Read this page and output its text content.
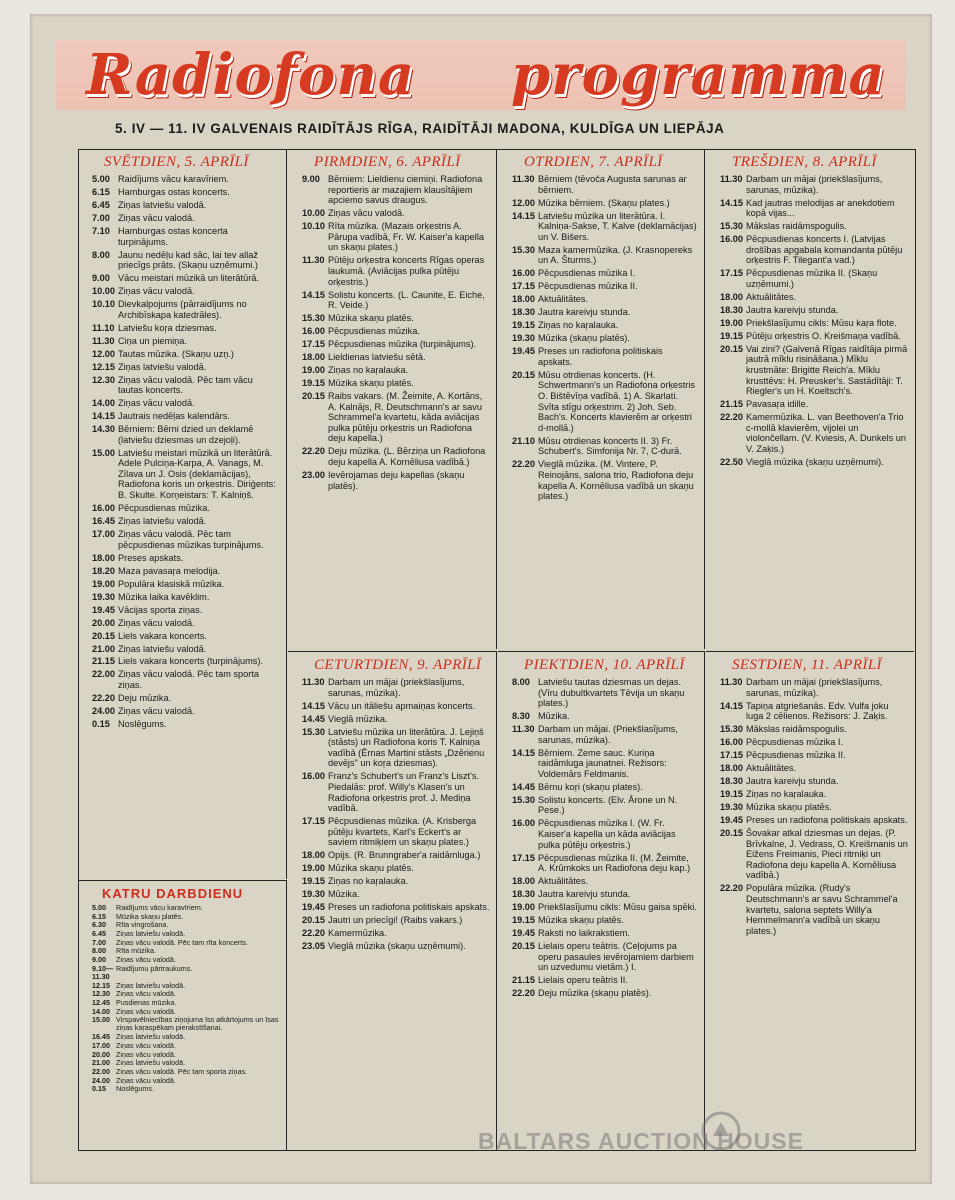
Radiofona programma
5. IV — 11. IV GALVENAIS RAIDĪTĀJS RĪGA, RAIDĪTĀJI MADONA, KULDĪGA UN LIEPĀJA
SVĒTDIEN, 5. APRĪLĪ
5.00 Raidījums vācu karavīriem.
6.15 Hamburgas ostas koncerts.
6.45 Ziņas latviešu valodā.
7.00 Ziņas vācu valodā.
7.10 Hamburgas ostas koncerta turpinājums.
8.00 Jaunu nedēļu kad sāc, lai tev allaž priecīgs prāts. (Skaņu uzņēmumi.)
9.00 Vācu meistari mūzikā un literātūrā.
10.00 Ziņas vācu valodā.
10.10 Dievkalpojums (pārraidījums no Archibīskapa katedrāles).
11.10 Latviešu koŗa dziesmas.
11.30 Ciņa un piemiņa.
12.00 Tautas mūzika. (Skaņu uzņ.)
12.15 Ziņas latviešu valodā.
12.30 Ziņas vācu valodā. Pēc tam vācu tautas koncerts.
14.00 Ziņas vācu valodā.
14.15 Jautrais nedēļas kalendārs.
14.30 Bērniem: Bērni dzied un deklamē (latviešu dziesmas un dzejoļi).
15.00 Latviešu meistari mūzikā un literātūrā. Adele Pulciņa-Karpa, A. Vanags, M. Zīlava un J. Osis (deklamācijas), Radiofona koris un orķestris. Diriģents: B. Skulte. Korņeistars: T. Kalniņš.
16.00 Pēcpusdienas mūzika.
16.45 Ziņas latviešu valodā.
17.00 Ziņas vācu valodā. Pēc tam pēcpusdienas mūzikas turpinājums.
18.00 Preses apskats.
18.20 Maza pavasaŗa melodija.
19.00 Populāra klasiskā mūzika.
19.30 Mūzika laika kavēklim.
19.45 Vācijas sporta ziņas.
20.00 Ziņas vācu valodā.
20.15 Liels vakara koncerts.
21.00 Ziņas latviešu valodā.
21.15 Liels vakara koncerts (turpinājums).
22.00 Ziņas vācu valodā. Pēc tam sporta ziņas.
22.20 Deju mūzika.
24.00 Ziņas vācu valodā.
0.15 Noslēgums.
PIRMDIEN, 6. APRĪLĪ
9.00 Bērniem: Lieldienu ciemiņi. Radiofona reportieris ar mazajiem klausītājiem apciemo savus draugus.
10.00 Ziņas vācu valodā.
10.10 Rīta mūzika. (Mazais orķestris A. Pārupa vadībā, Fr. W. Kaiser'a kapella un skaņu plates.)
11.30 Pūtēju orķestra koncerts Rīgas operas laukumā. (Aviācijas pulka pūtēju orķestris.)
14.15 Solistu koncerts. (L. Caunite, E. Eiche, R. Veide.)
15.30 Mūzika skaņu platēs.
16.00 Pēcpusdienas mūzika.
17.15 Pēcpusdienas mūzika (turpinājums).
18.00 Lieldienas latviešu sētā.
19.00 Ziņas no kaŗalauka.
19.15 Mūzika skaņu platēs.
20.15 Raibs vakars. (M. Žeimite, A. Kortāns, A. Kalnājs, R. Deutschmann's ar savu Schrammel'a kvartetu, kāda aviācijas pulka pūtēju orķestris un Radiofona deju kapella.)
22.20 Deju mūzika. (L. Bērziņa un Radiofona deju kapella A. Kornēliusa vadībā.)
23.00 Ievērojamas deju kapellas (skaņu platēs).
OTRDIEN, 7. APRĪLĪ
11.30 Bērniem (tēvoča Augusta sarunas ar bērniem.
12.00 Mūzika bērniem. (Skaņu plates.)
14.15 Latviešu mūzika un literātūra. I. Kalniņa-Sakse, T. Kalve (deklamācijas) un V. Bišers.
15.30 Maza kamermūzika. (J. Krasnopereks un A. Šturms.)
16.00 Pēcpusdienas mūzika I.
17.15 Pēcpusdienas mūzika II.
18.00 Aktuālitātes.
18.30 Jautra kareivju stunda.
19.15 Ziņas no kaŗalauka.
19.30 Mūzika (skaņu platēs).
19.45 Preses un radiofona politiskais apskats.
20.15 Mūsu otrdienas koncerts. (H. Schwertmann's un Radiofona orķestris O. Bištēvīņa vadībā. 1) A. Skarlati. Svīta stīgu orķestrim. 2) Joh. Seb. Bach's. Koncerts klavierēm ar orķestri d-mollā.)
21.10 Mūsu otrdienas koncerts II. 3) Fr. Schubert's. Simfonija Nr. 7, C-durā.
22.20 Vieglā mūzika. (M. Vintere, P. Reinojāns, salona trio, Radiofona deju kapella A. Kornēliusa vadībā un skaņu plates.)
TREŠDIEN, 8. APRĪLĪ
11.30 Darbam un mājai (priekšlasījums, sarunas, mūzika).
14.15 Kad jautras melodijas ar anekdotiem kopā vijas...
15.30 Mākslas raidāmspogulis.
16.00 Pēcpusdienas koncerts I. (Latvijas drošības apgabala komandanta pūtēju orķestris F. Tilegant'a vad.)
17.15 Pēcpusdienas mūzika II. (Skaņu uzņēmumi.)
18.00 Aktuālitātes.
18.30 Jautra kareivju stunda.
19.00 Priekšlasījumu cikls: Mūsu kaŗa flote.
19.15 Pūtēju orķestris O. Kreišmaņa vadībā.
20.15 Vai zini? (Galvenā Rīgas raidītāja pirmā jautrā mīklu risināšana.) Mīklu krustmāte: Brigitte Reich'a. Mīklu krusttēvs: H. Preusker's. Sastādītāji: T. Riegler's un H. Koeltsch's.
21.15 Pavasaŗa idille.
22.20 Kamermūzika. L. van Beethoven'a Trio c-mollā klavierēm, vijolei un violončellam. (V. Kviesis, A. Dunkels un V. Zaķis.)
22.50 Vieglā mūzika (skaņu uzņēmumi).
CETURTDIEN, 9. APRĪLĪ
11.30 Darbam un mājai (priekšlasījums, sarunas, mūzika).
14.15 Vācu un itāliešu apmaiņas koncerts.
14.45 Vieglā mūzika.
15.30 Latviešu mūzika un literātūra. J. Lejiņš (stāsts) un Radiofona koris T. Kalniņa vadībā (Ērnas Martini stāsts „Dzērienu devējs" un koŗa dziesmas).
16.00 Franz's Schubert's un Franz's Liszt's. Piedalās: prof. Willy's Klasen's un Radiofona orķestris prof. J. Mediņa vadībā.
17.15 Pēcpusdienas mūzika. (A. Krisberga pūtēju kvartets, Karl's Eckert's ar saviem ritmiķiem un skaņu plates.)
18.00 Opijs. (R. Brunngraber'a raidāmluga.)
19.00 Mūzika skaņu platēs.
19.15 Ziņas no kaŗalauka.
19.30 Mūzika.
19.45 Preses un radiofona politiskais apskats.
20.15 Jautri un priecīgi! (Raibs vakars.)
22.20 Kamermūzika.
23.05 Vieglā mūzika (skaņu uzņēmumi).
PIEKTDIEN, 10. APRĪLĪ
8.00 Latviešu tautas dziesmas un dejas. (Vīru dubultkvartets Tēvija un skaņu plates.)
8.30 Mūzika.
11.30 Darbam un mājai. (Priekšlasījums, sarunas, mūzika).
14.15 Bērniem. Zeme sauc. Kuriņa raidāmluga jaunatnei. Režisors: Voldemārs Feldmanis.
14.45 Bērnu koŗi (skaņu plates).
15.30 Solistu koncerts. (Elv. Ārone un N. Pese.)
16.00 Pēcpusdienas mūzika I. (W. Fr. Kaiser'a kapella un kāda aviācijas pulka pūtēju orķestris.)
17.15 Pēcpusdienas mūzika II. (M. Žeimite, A. Krūmkoks un Radiofona deju kap.)
18.00 Aktuālitātes.
18.30 Jautra kareivju stunda.
19.00 Priekšlasījumu cikls: Mūsu gaisa spēki.
19.15 Mūzika skaņu platēs.
19.45 Raksti no laikrakstiem.
20.15 Lielais operu teātris. (Ceļojums pa operu pasaules ievērojamiem darbiem un uzvedumu vietām.) I.
21.15 Lielais operu teātris II.
22.20 Deju mūzika (skaņu platēs).
SESTDIEN, 11. APRĪLĪ
11.30 Darbam un mājai (priekšlasījums, sarunas, mūzika).
14.15 Tapiņa atgriešanās. Edv. Vulfa joku luga 2 cēlienos. Režisors: J. Zaķis.
15.30 Mākslas raidāmspogulis.
16.00 Pēcpusdienas mūzika I.
17.15 Pēcpusdienas mūzika II.
18.00 Aktuālitātes.
18.30 Jautra kareivju stunda.
19.15 Ziņas no kaŗalauka.
19.30 Mūzika skaņu platēs.
19.45 Preses un radiofona politiskais apskats.
20.15 Šovakar atkal dziesmas un dejas. (P. Brīvkalne, J. Vedrass, O. Kreišmanis un Eižens Freimanis, Pieci ritmiķi un Radiofona deju kapella A. Kornēliusa vadībā.)
22.20 Populāra mūzika. (Rudy's Deutschmann's ar savu Schrammel'a kvartetu, salona septets Willy'a Hemmelmann'a vadībā un skaņu plates.)
KATRU DARBDIENU
5.00	Raidījums vācu karavīriem.
6.15	Mūzika skaņu platēs.
6.30	Rīta vingrošana.
6.45	Ziņas latviešu valodā.
7.00	Ziņas vācu valodā. Pēc tam rīta koncerts.
8.00	Rīta mūzika.
9.00	Ziņas vācu valodā.
9.10—11.30
Raidījumu pārtraukums.
12.15 Ziņas latviešu valodā.
12.30 Ziņas vācu valodā.
12.45 Pusdienas mūzika.
14.00 Ziņas vācu valodā.
15.00 Virspavēlniecības ziņojuma īss atkārtojums un īsas ziņas kaŗaspēkam pierakstīšanai.
16.45 Ziņas latviešu valodā.
17.00 Ziņas vācu valodā.
20.00 Ziņas vācu valodā.
21.00 Ziņas latviešu valodā.
22.00 Ziņas vācu valodā. Pēc tam sporta ziņas.
24.00 Ziņas vācu valodā.
0.15	Noslēgums.
BALTARS AUCTION HOUSE
